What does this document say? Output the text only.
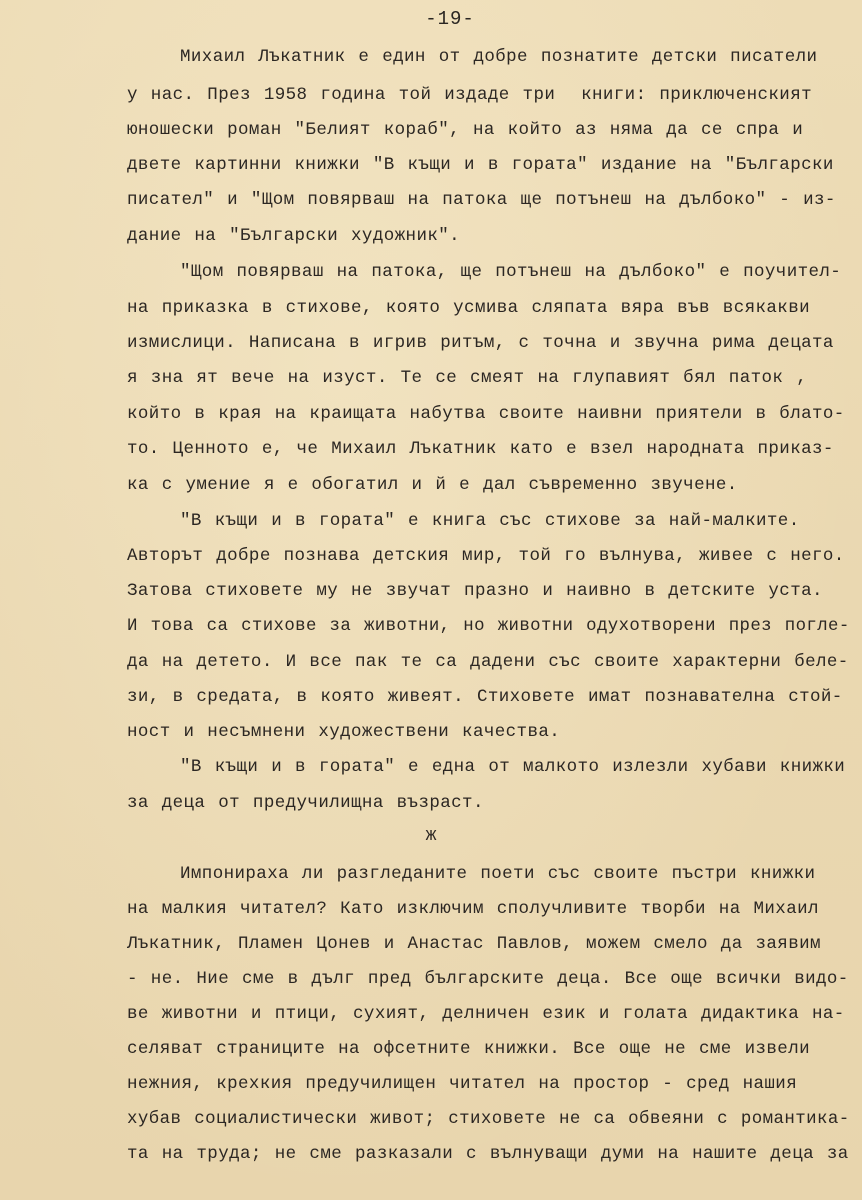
-19-
Михаил Лъкатник е един от добре познатите детски писатели
у нас. През 1958 година той издаде три  книги: приключенският
юношески роман "Белият кораб", на който аз няма да се спра и
двете картинни книжки "В къщи и в гората" издание на "Български
писател" и "Щом повярваш на патока ще потънеш на дълбоко" - из-
дание на "Български художник".
"Щом повярваш на патока, ще потънеш на дълбоко" е поучител-
на приказка в стихове, която усмива сляпата вяра във всякакви
измислици. Написана в игрив ритъм, с точна и звучна рима децата
я зна ят вече на изуст. Те се смеят на глупавият бял паток ,
който в края на краищата набутва своите наивни приятели в блато-
то. Ценното е, че Михаил Лъкатник като е взел народната приказ-
ка с умение я е обогатил и й е дал съвременно звучене.
"В къщи и в гората" е книга със стихове за най-малките.
Авторът добре познава детския мир, той го вълнува, живее с него.
Затова стиховете му не звучат празно и наивно в детските уста.
И това са стихове за животни, но животни одухотворени през погле-
да на детето. И все пак те са дадени със своите характерни беле-
зи, в средата, в която живеят. Стиховете имат познавателна стой-
ност и несъмнени художествени качества.
"В къщи и в гората" е една от малкото излезли хубави книжки
за деца от предучилищна възраст.
ж
Импонираха ли разгледаните поети със своите пъстри книжки
на малкия читател? Като изключим сполучливите творби на Михаил
Лъкатник, Пламен Цонев и Анастас Павлов, можем смело да заявим
- не. Ние сме в дълг пред българските деца. Все още всички видо-
ве животни и птици, сухият, делничен език и голата дидактика на-
селяват страниците на офсетните книжки. Все още не сме извели
нежния, крехкия предучилищен читател на простор - сред нашия
хубав социалистически живот; стиховете не са обвеяни с романтика-
та на труда; не сме разказали с вълнуващи думи на нашите деца за
